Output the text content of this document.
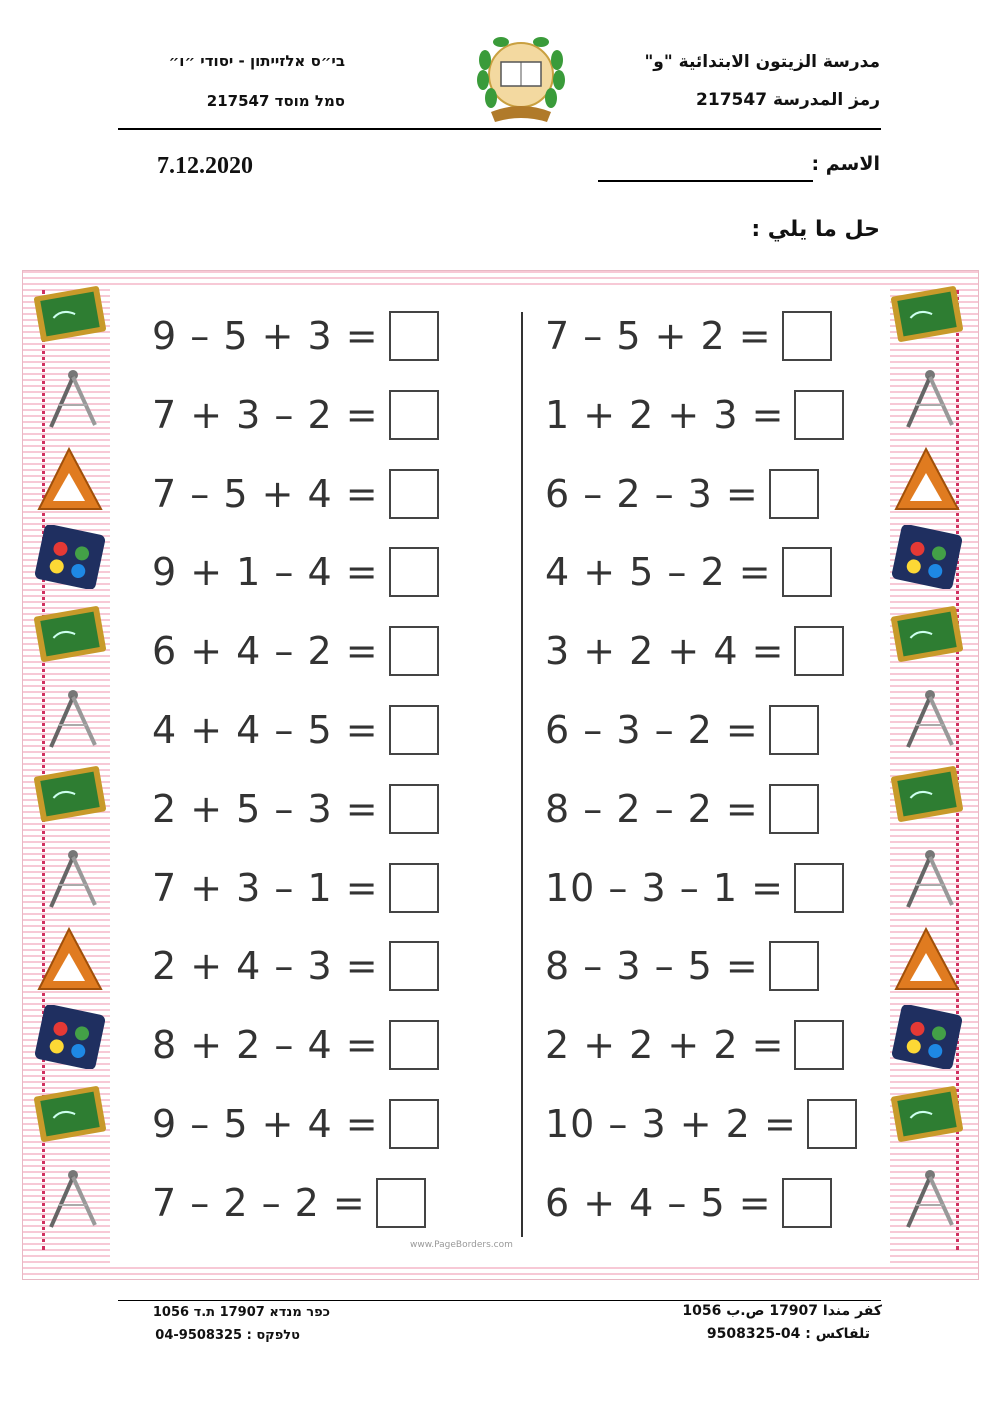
مدرسة الزيتون الابتدائية "و"
رمز المدرسة 217547
בי״ס אלזייתון - יסודי ״ו״
סמל מוסד 217547
7.12.2020	الاسم :
حل ما يلي :
9 – 5 + 3 =
7 + 3 – 2 =
7 – 5 + 4 =
9 + 1 – 4 =
6 + 4 – 2 =
4 + 4 – 5 =
2 + 5 – 3 =
7 + 3 – 1 =
2 + 4 – 3 =
8 + 2 – 4 =
9 – 5 + 4 =
7 – 2 – 2 =
7 – 5 + 2 =
1 + 2 + 3 =
6 – 2 – 3 =
4 + 5 – 2 =
3 + 2 + 4 =
6 – 3 – 2 =
8 – 2 – 2 =
10 – 3 – 1 =
8 – 3 – 5 =
2 + 2 + 2 =
10 – 3 + 2 =
6 + 4 – 5 =
www.PageBorders.com
كفر مندا 17907 ص.ب 1056
تلفاكس : 04-9508325
כפר מנדא 17907 ת.ד 1056
טלפקס : 04-9508325
